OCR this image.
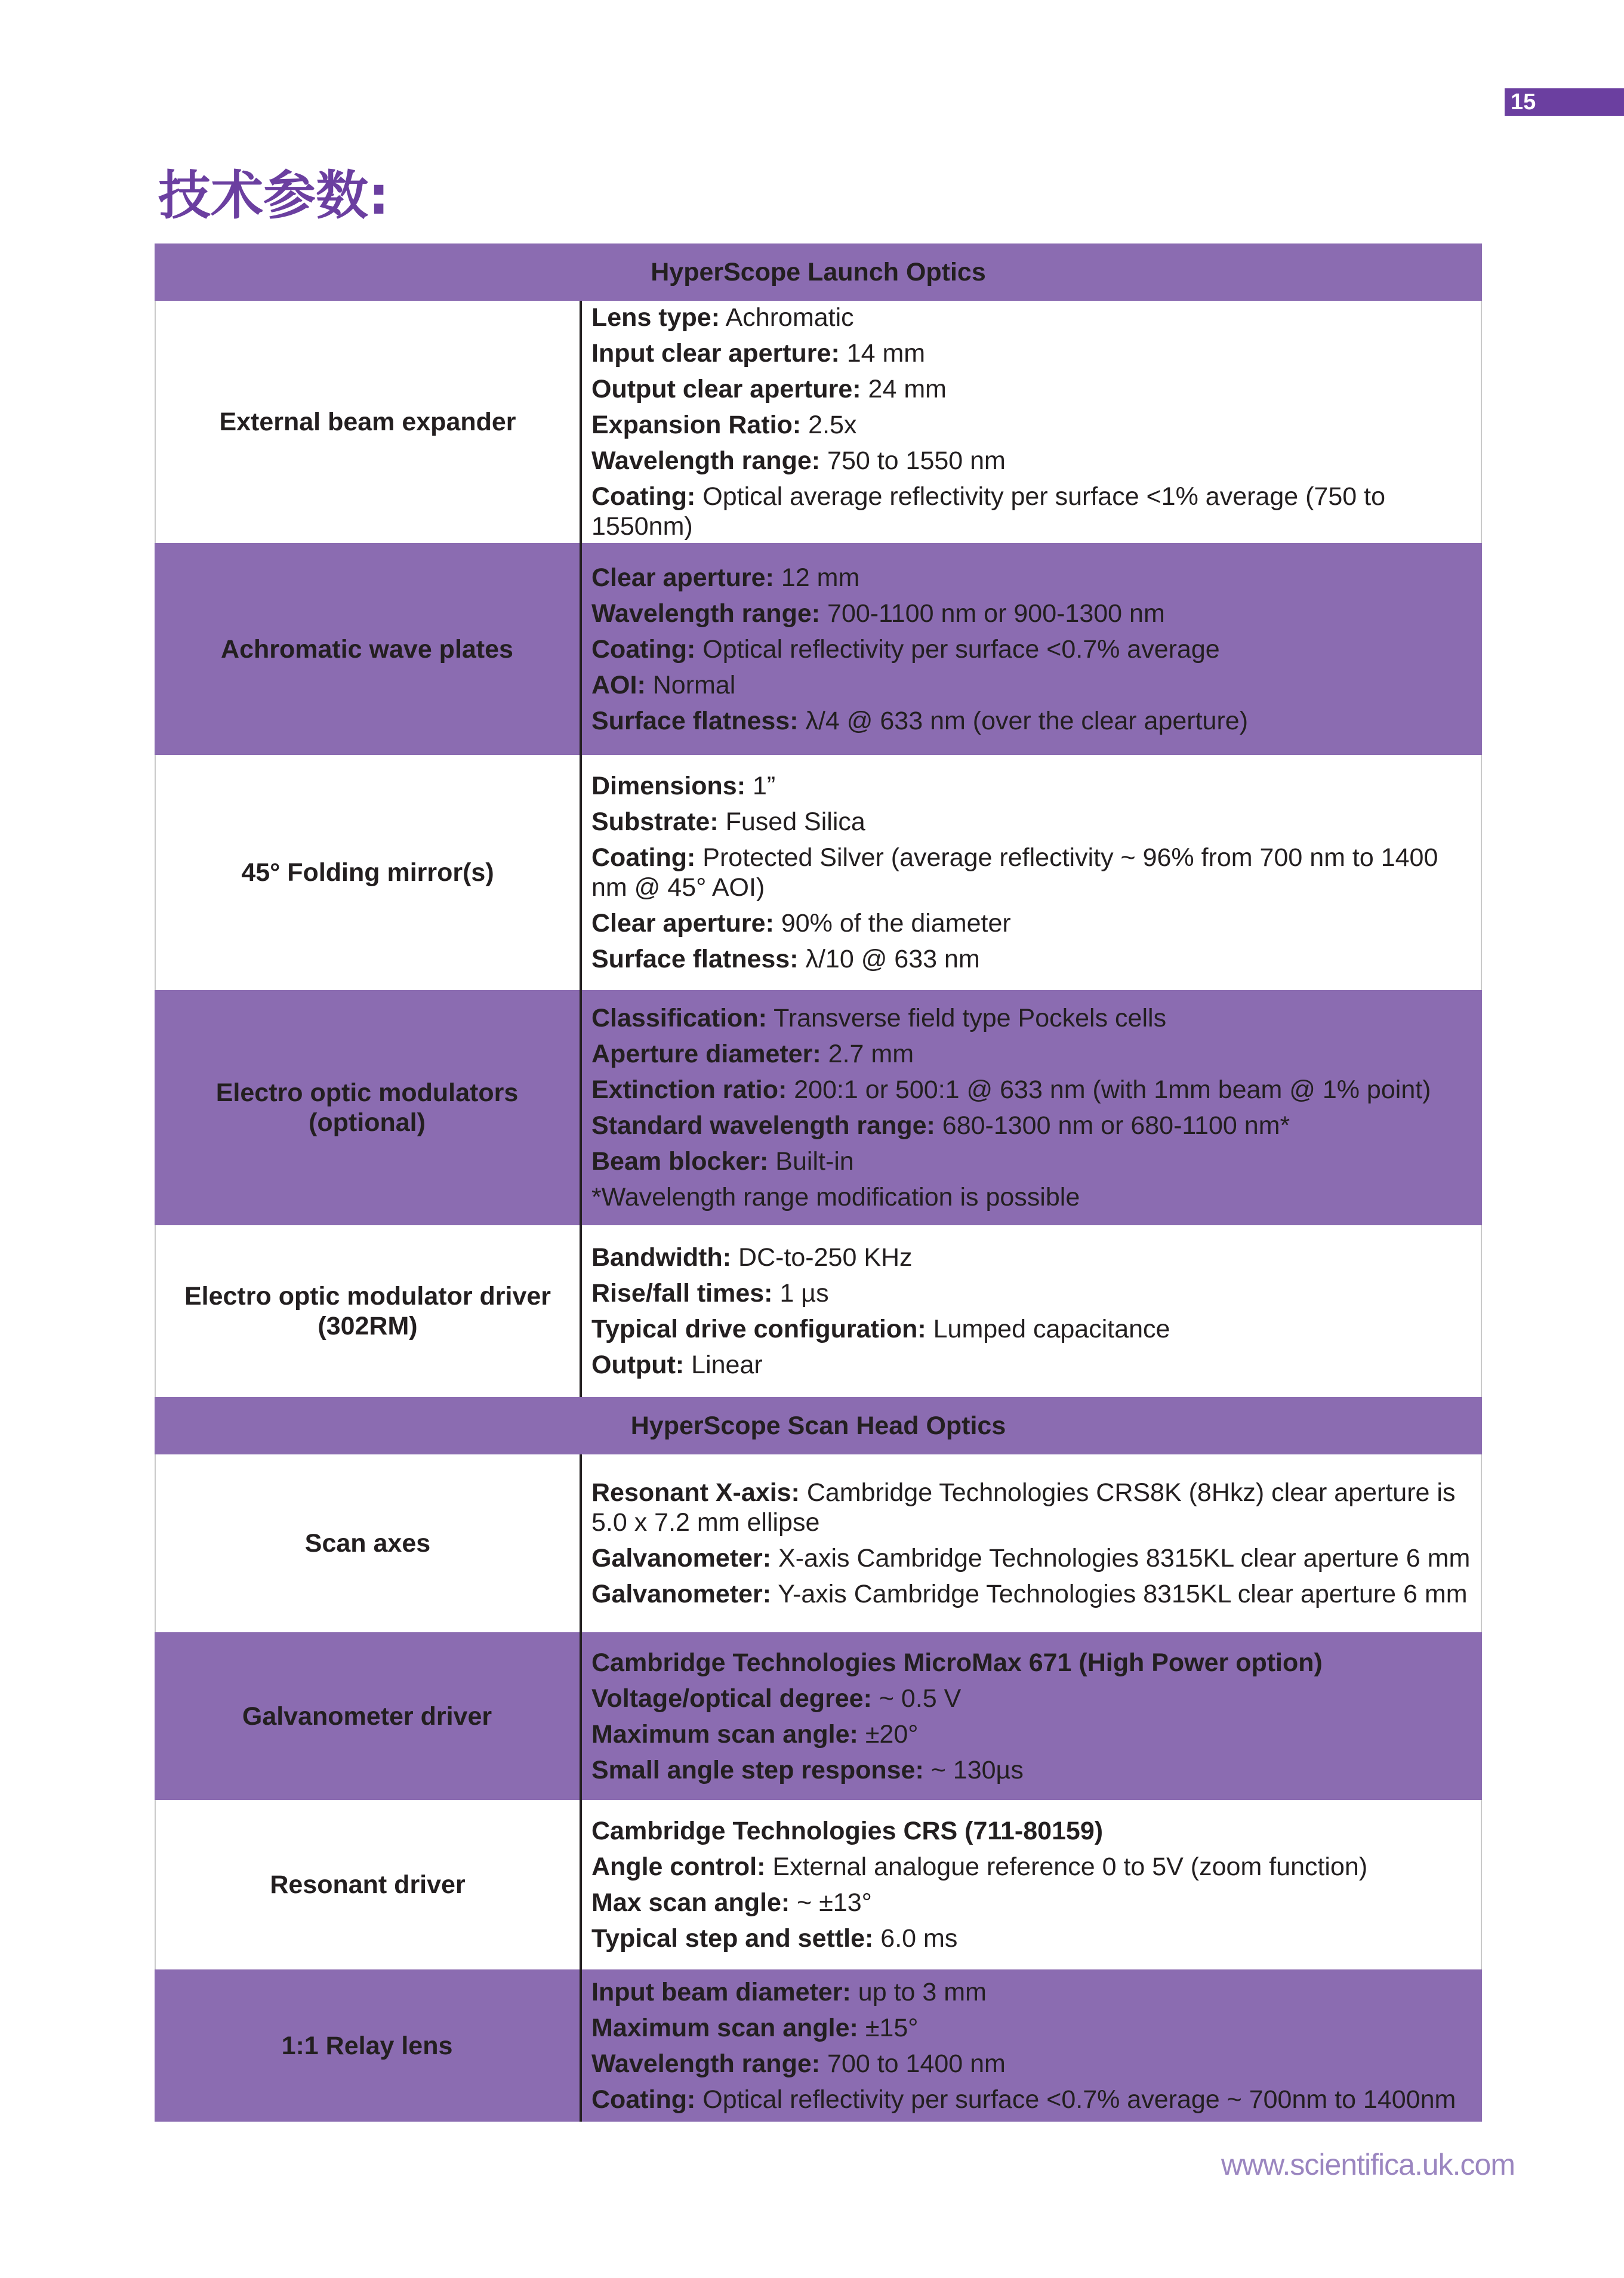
15
技术参数:
HyperScope Launch Optics
External beam expander
Lens type: Achromatic
Input clear aperture: 14 mm
Output clear aperture: 24 mm
Expansion Ratio: 2.5x
Wavelength range: 750 to 1550 nm
Coating: Optical average reflectivity per surface <1% average (750 to 1550nm)
Achromatic wave plates
Clear aperture: 12 mm
Wavelength range: 700-1100 nm or 900-1300 nm
Coating: Optical reflectivity per surface <0.7% average
AOI: Normal
Surface flatness: λ/4 @ 633 nm (over the clear aperture)
45° Folding mirror(s)
Dimensions: 1”
Substrate: Fused Silica
Coating: Protected Silver (average reflectivity ~ 96% from 700 nm to 1400 nm @ 45° AOI)
Clear aperture: 90% of the diameter
Surface flatness: λ/10 @ 633 nm
Electro optic modulators (optional)
Classification: Transverse field type Pockels cells
Aperture diameter: 2.7 mm
Extinction ratio: 200:1 or 500:1 @ 633 nm (with 1mm beam @ 1% point)
Standard wavelength range: 680-1300 nm or 680-1100 nm*
Beam blocker: Built-in
*Wavelength range modification is possible
Electro optic modulator driver (302RM)
Bandwidth: DC-to-250 KHz
Rise/fall times: 1 µs
Typical drive configuration: Lumped capacitance
Output: Linear
HyperScope Scan Head Optics
Scan axes
Resonant X-axis: Cambridge Technologies CRS8K (8Hkz) clear aperture is 5.0 x 7.2 mm ellipse
Galvanometer: X-axis Cambridge Technologies 8315KL clear aperture 6 mm
Galvanometer: Y-axis Cambridge Technologies 8315KL clear aperture 6 mm
Galvanometer driver
Cambridge Technologies MicroMax 671 (High Power option)
Voltage/optical degree: ~ 0.5 V
Maximum scan angle: ±20°
Small angle step response: ~ 130µs
Resonant driver
Cambridge Technologies CRS (711-80159)
Angle control: External analogue reference 0 to 5V (zoom function)
Max scan angle: ~ ±13°
Typical step and settle: 6.0 ms
1:1 Relay lens
Input beam diameter: up to 3 mm
Maximum scan angle: ±15°
Wavelength range: 700 to 1400 nm
Coating: Optical reflectivity per surface <0.7% average ~ 700nm to 1400nm
www.scientifica.uk.com
